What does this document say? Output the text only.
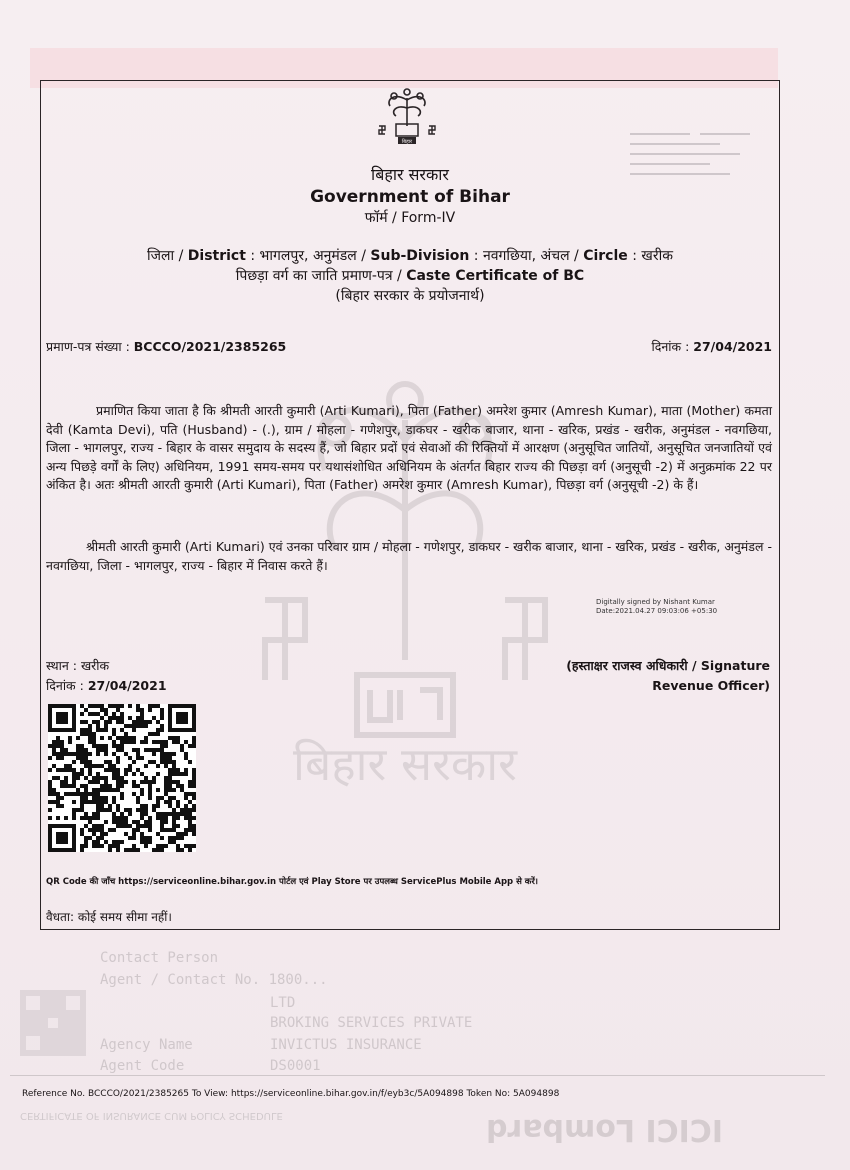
Contact Person
Agent / Contact No. 1800...
LTD
BROKING SERVICES PRIVATE
Agency Name	INVICTUS INSURANCE
Agent Code	DS0001
बिहार
बिहार सरकार
बिहार सरकार
Government of Bihar
फॉर्म / Form-IV
जिला / District : भागलपुर, अनुमंडल / Sub-Division : नवगछिया, अंचल / Circle : खरीक
पिछड़ा वर्ग का जाति प्रमाण-पत्र / Caste Certificate of BC
(बिहार सरकार के प्रयोजनार्थ)
प्रमाण-पत्र संख्या : BCCCO/2021/2385265	दिनांक : 27/04/2021

प्रमाणित किया जाता है कि श्रीमती आरती कुमारी (Arti Kumari), पिता (Father) अमरेश कुमार (Amresh Kumar), माता (Mother) कमता देवी (Kamta Devi), पति (Husband) - (.), ग्राम / मोहला - गणेशपुर, डाकघर - खरीक बाजार, थाना - खरिक, प्रखंड - खरीक, अनुमंडल - नवगछिया, जिला - भागलपुर, राज्य - बिहार के वासर समुदाय के सदस्य हैं, जो बिहार प्रदों एवं सेवाओं की रिक्तियों में आरक्षण (अनुसूचित जातियों, अनुसूचित जनजातियों एवं अन्य पिछड़े वर्गों के लिए) अधिनियम, 1991 समय-समय पर यथासंशोधित अधिनियम के अंतर्गत बिहार राज्य की पिछड़ा वर्ग (अनुसूची -2) में अनुक्रमांक 22 पर अंकित है। अतः श्रीमती आरती कुमारी (Arti Kumari), पिता (Father) अमरेश कुमार (Amresh Kumar), पिछड़ा वर्ग (अनुसूची -2) के हैं।

श्रीमती आरती कुमारी (Arti Kumari) एवं उनका परिवार ग्राम / मोहला - गणेशपुर, डाकघर - खरीक बाजार, थाना - खरिक, प्रखंड - खरीक, अनुमंडल - नवगछिया, जिला - भागलपुर, राज्य - बिहार में निवास करते हैं।

Digitally signed by Nishant Kumar
Date:2021.04.27 09:03:06 +05:30
स्थान : खरीक
दिनांक : 27/04/2021
(हस्ताक्षर राजस्व अधिकारी / Signature
Revenue Officer)
QR Code की जाँच https://serviceonline.bihar.gov.in पोर्टल एवं Play Store पर उपलब्ध ServicePlus Mobile App से करें।
वैधता: कोई समय सीमा नहीं।
Reference No. BCCCO/2021/2385265 To View: https://serviceonline.bihar.gov.in/f/eyb3c/5A094898 Token No: 5A094898
CERTIFICATE OF INSURANCE CUM POLICY SCHEDULE	ICICI Lombard
